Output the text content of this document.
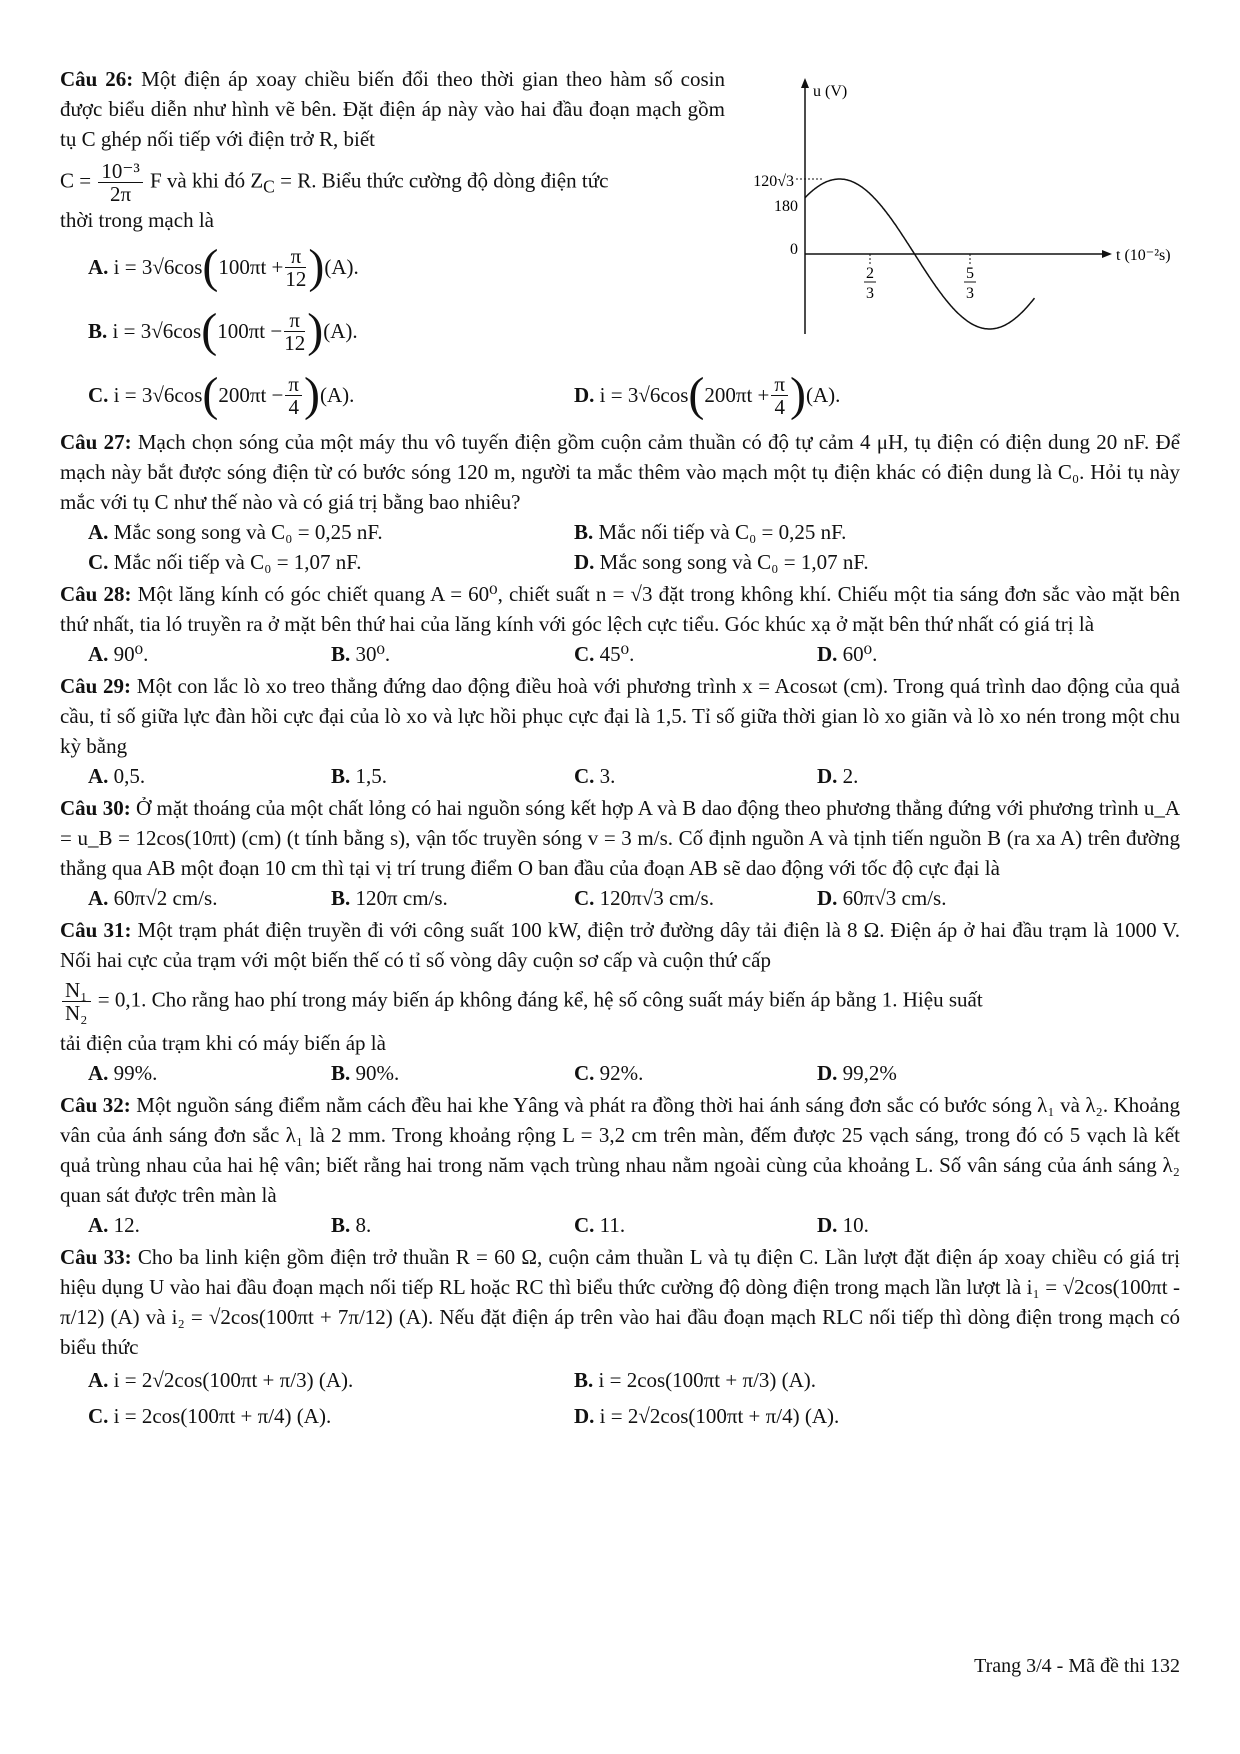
Câu 26: Một điện áp xoay chiều biến đổi theo thời gian theo hàm số cosin được biểu diễn như hình vẽ bên. Đặt điện áp này vào hai đầu đoạn mạch gồm tụ C ghép nối tiếp với điện trở R, biết

$C = \frac{\text{10⁻³}}{2\pi}$ F và khi đó $Z_C = R$. Biểu thức cường độ dòng điện tức

thời trong mạch là

A.
i = 3√6cos ( $100\pi t + \frac{\pi}{12}$ ) (A).

B.
i = 3√6cos ( $100\pi t - \frac{\pi}{12}$ ) (A).
C.
i = 3√6cos ( $200\pi t - \frac{\pi}{4}$ ) (A).	D.
i = 3√6cos ( $200\pi t + \frac{\pi}{4}$ ) (A).

Câu 27: Mạch chọn sóng của một máy thu vô tuyến điện gồm cuộn cảm thuần có độ tự cảm 4 μH, tụ điện có điện dung 20 nF. Để mạch này bắt được sóng điện từ có bước sóng 120 m, người ta mắc thêm vào mạch một tụ điện khác có điện dung là C₀. Hỏi tụ này mắc với tụ C như thế nào và có giá trị bằng bao nhiêu?

A. Mắc song song và C₀ = 0,25 nF.	B. Mắc nối tiếp và C₀ = 0,25 nF.
C. Mắc nối tiếp và C₀ = 1,07 nF.	D. Mắc song song và C₀ = 1,07 nF.

Câu 28: Một lăng kính có góc chiết quang A = 60⁰, chiết suất n = √3 đặt trong không khí. Chiếu một tia sáng đơn sắc vào mặt bên thứ nhất, tia ló truyền ra ở mặt bên thứ hai của lăng kính với góc lệch cực tiểu. Góc khúc xạ ở mặt bên thứ nhất có giá trị là

A. 90⁰.	B. 30⁰.	C. 45⁰.	D. 60⁰.

Câu 29: Một con lắc lò xo treo thẳng đứng dao động điều hoà với phương trình x = Acosωt (cm). Trong quá trình dao động của quả cầu, tỉ số giữa lực đàn hồi cực đại của lò xo và lực hồi phục cực đại là 1,5. Tỉ số giữa thời gian lò xo giãn và lò xo nén trong một chu kỳ bằng

A. 0,5.	B. 1,5.	C. 3.	D. 2.

Câu 30: Ở mặt thoáng của một chất lỏng có hai nguồn sóng kết hợp A và B dao động theo phương thẳng đứng với phương trình u_A = u_B = 12cos(10πt) (cm) (t tính bằng s), vận tốc truyền sóng v = 3 m/s. Cố định nguồn A và tịnh tiến nguồn B (ra xa A) trên đường thẳng qua AB một đoạn 10 cm thì tại vị trí trung điểm O ban đầu của đoạn AB sẽ dao động với tốc độ cực đại là

A. 60π√2 cm/s.	B. 120π cm/s.	C. 120π√3 cm/s.	D. 60π√3 cm/s.

Câu 31: Một trạm phát điện truyền đi với công suất 100 kW, điện trở đường dây tải điện là 8 Ω. Điện áp ở hai đầu trạm là 1000 V. Nối hai cực của trạm với một biến thế có tỉ số vòng dây cuộn sơ cấp và cuộn thứ cấp

$\frac{\text{N₁}}{\text{N₂}} = 0,1$. Cho rằng hao phí trong máy biến áp không đáng kể, hệ số công suất máy biến áp bằng 1. Hiệu suất

tải điện của trạm khi có máy biến áp là

A. 99%.	B. 90%.	C. 92%.	D. 99,2%

Câu 32: Một nguồn sáng điểm nằm cách đều hai khe Yâng và phát ra đồng thời hai ánh sáng đơn sắc có bước sóng λ₁ và λ₂. Khoảng vân của ánh sáng đơn sắc λ₁ là 2 mm. Trong khoảng rộng L = 3,2 cm trên màn, đếm được 25 vạch sáng, trong đó có 5 vạch là kết quả trùng nhau của hai hệ vân; biết rằng hai trong năm vạch trùng nhau nằm ngoài cùng của khoảng L. Số vân sáng của ánh sáng λ₂ quan sát được trên màn là

A. 12.	B. 8.	C. 11.	D. 10.

Câu 33: Cho ba linh kiện gồm điện trở thuần R = 60 Ω, cuộn cảm thuần L và tụ điện C. Lần lượt đặt điện áp xoay chiều có giá trị hiệu dụng U vào hai đầu đoạn mạch nối tiếp RL hoặc RC thì biểu thức cường độ dòng điện trong mạch lần lượt là i₁ = √2cos(100πt - π/12) (A) và i₂ = √2cos(100πt + 7π/12) (A). Nếu đặt điện áp trên vào hai đầu đoạn mạch RLC nối tiếp thì dòng điện trong mạch có biểu thức

A. i = 2√2cos(100πt + π/3) (A).	B. i = 2cos(100πt + π/3) (A).
C. i = 2cos(100πt + π/4) (A).	D. i = 2√2cos(100πt + π/4) (A).
u (V)
t (10⁻²s)
120√3
180
0
2
3
5
3
Trang 3/4 - Mã đề thi 132
